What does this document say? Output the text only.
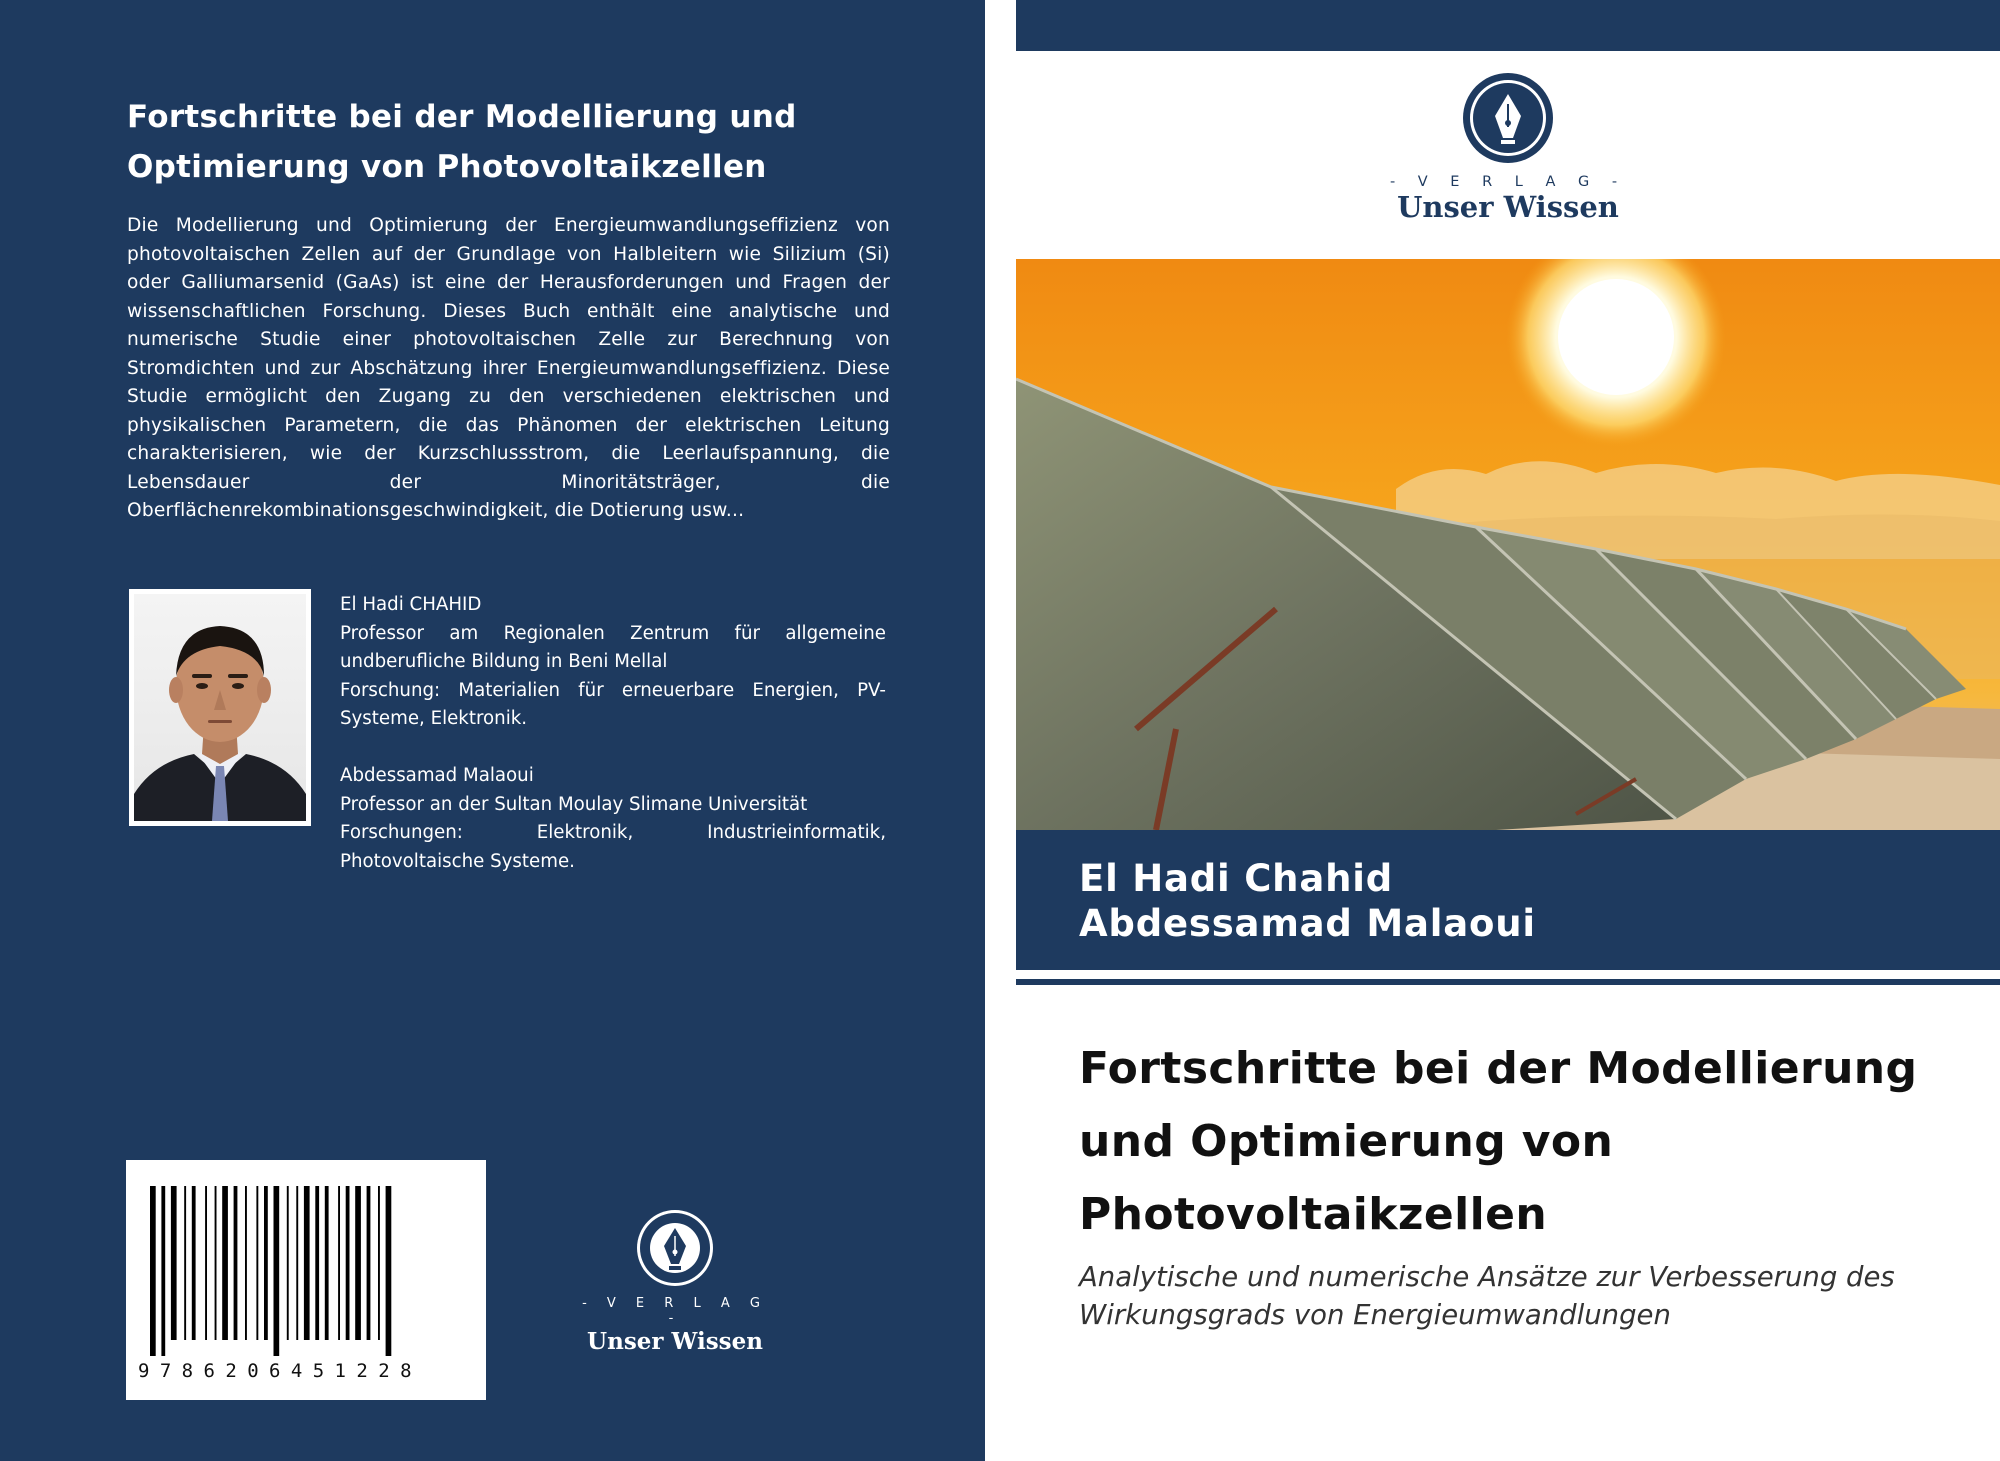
Fortschritte bei der Modellierung und Optimierung von Photovoltaikzellen

Die Modellierung und Optimierung der Energieumwandlungseffizienz von photovoltaischen Zellen auf der Grundlage von Halbleitern wie Silizium (Si) oder Galliumarsenid (GaAs) ist eine der Herausforderungen und Fragen der wissenschaftlichen Forschung. Dieses Buch enthält eine analytische und numerische Studie einer photovoltaischen Zelle zur Berechnung von Stromdichten und zur Abschätzung ihrer Energieumwandlungseffizienz. Diese Studie ermöglicht den Zugang zu den verschiedenen elektrischen und physikalischen Parametern, die das Phänomen der elektrischen Leitung charakterisieren, wie der Kurzschlussstrom, die Leerlaufspannung, die Lebensdauer der Minoritätsträger, die Oberflächenrekombinationsgeschwindigkeit, die Dotierung usw...

El Hadi CHAHID

Professor am Regionalen Zentrum für allgemeine undberufliche Bildung in Beni Mellal

Forschung: Materialien für erneuerbare Energien, PV-Systeme, Elektronik.

Abdessamad Malaoui

Professor an der Sultan Moulay Slimane Universität

Forschungen: Elektronik, Industrieinformatik, Photovoltaische Systeme.

9786206451228
- V E R L A G -
Unser Wissen
- V E R L A G -
Unser Wissen
El Hadi Chahid
Abdessamad Malaoui
Fortschritte bei der Modellierung und Optimierung von Photovoltaikzellen

Analytische und numerische Ansätze zur Verbesserung des Wirkungsgrads von Energieumwandlungen
